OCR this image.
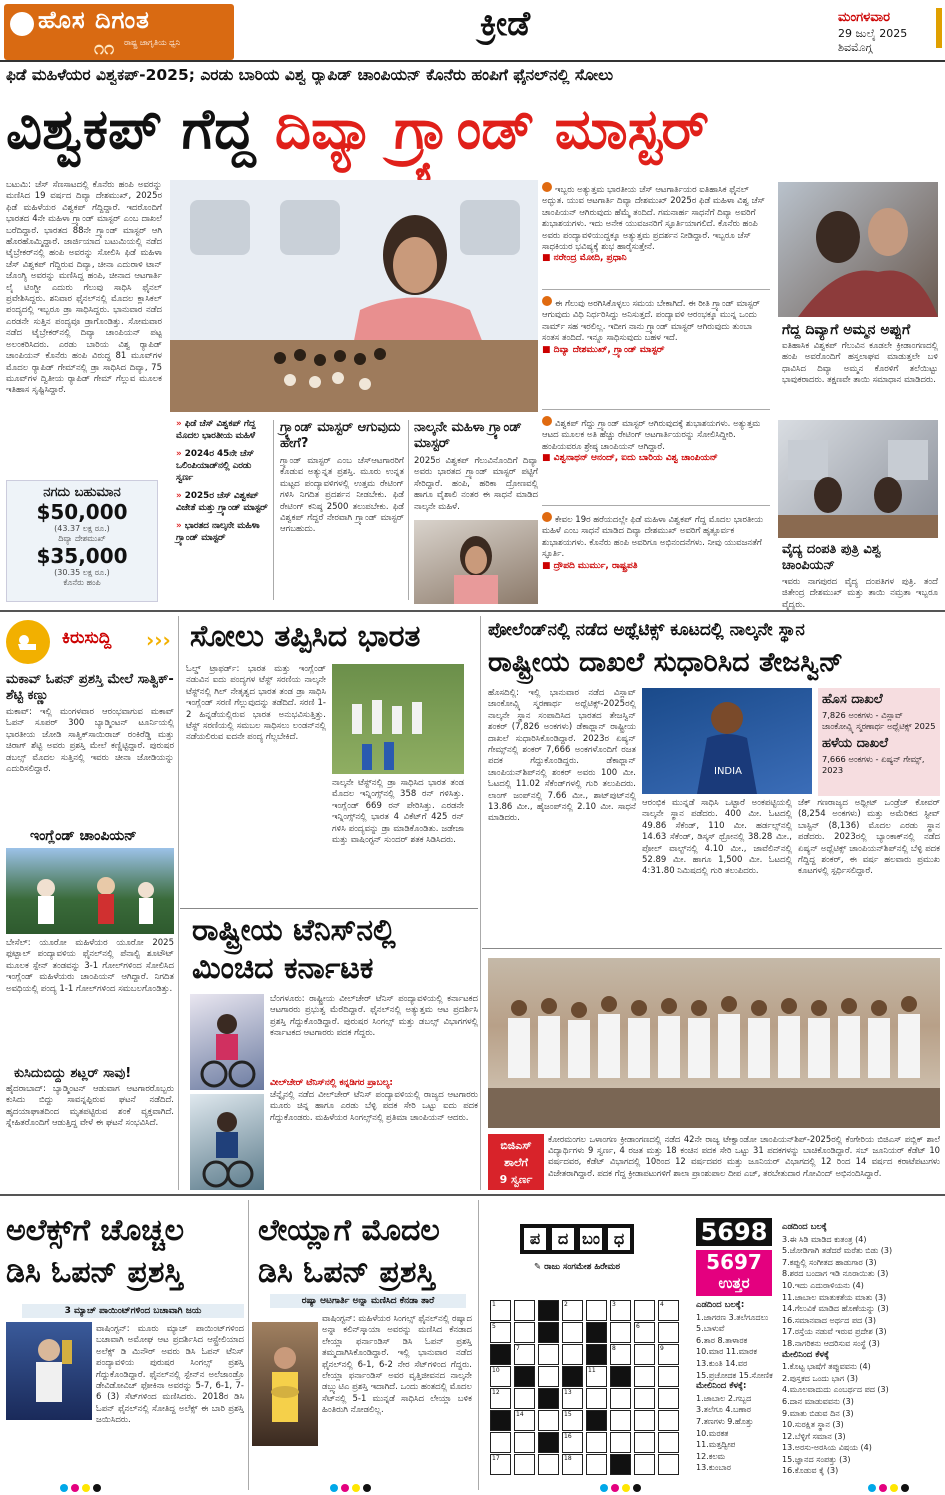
ಹೊಸ ದಿಗಂತ
೧೧ ರಾಷ್ಟ್ರ ಜಾಗೃತಿಯ ಧ್ವನಿ	ಕ್ರೀಡೆ	ಮಂಗಳವಾರ
29 ಜುಲೈ 2025
ಶಿವಮೊಗ್ಗ
ಫಿಡೆ ಮಹಿಳೆಯರ ವಿಶ್ವಕಪ್-2025; ಎರಡು ಬಾರಿಯ ವಿಶ್ವ ರ್‍ಯಾಪಿಡ್ ಚಾಂಪಿಯನ್ ಕೊನೆರು ಹಂಪಿಗೆ ಫೈನಲ್‌ನಲ್ಲಿ ಸೋಲು
ವಿಶ್ವಕಪ್ ಗೆದ್ದ ದಿವ್ಯಾ ಗ್ರ್ಯಾಂಡ್ ಮಾಸ್ಟರ್
ಬಟುಮಿ: ಚೆಸ್ ಸೆಣಸಾಟದಲ್ಲಿ ಕೊನೆರು ಹಂಪಿ ಅವರನ್ನು ಮಣಿಸಿದ 19 ವರ್ಷದ ದಿವ್ಯಾ ದೇಶಮುಖ್, 2025ರ ಫಿಡೆ ಮಹಿಳೆಯರ ವಿಶ್ವಕಪ್ ಗೆದ್ದಿದ್ದಾರೆ. ಇದರೊಂದಿಗೆ ಭಾರತದ 4ನೇ ಮಹಿಳಾ ಗ್ರ್ಯಾಂಡ್ ಮಾಸ್ಟರ್ ಎಂಬ ದಾಖಲೆ ಬರೆದಿದ್ದಾರೆ. ಭಾರತದ 88ನೇ ಗ್ರ್ಯಾಂಡ್ ಮಾಸ್ಟರ್ ಆಗಿ ಹೊರಹೊಮ್ಮಿದ್ದಾರೆ. ಜಾರ್ಜಿಯಾದ ಬಟುಮಿಯಲ್ಲಿ ನಡೆದ ಟೈಬ್ರೇಕರ್‌ನಲ್ಲಿ ಹಂಪಿ ಅವರನ್ನು ಸೋಲಿಸಿ ಫಿಡೆ ಮಹಿಳಾ ಚೆಸ್ ವಿಶ್ವಕಪ್ ಗೆದ್ದಿರುವ ದಿವ್ಯಾ, ಚೀನಾ ಎದುರಾಳಿ ಟಾನ್ ಜೊಂಗ್ಯಿ ಅವರನ್ನು ಮಣಿಸಿದ್ದ ಹಂಪಿ, ಚೀನಾದ ಆಟಗಾರ್ತಿ ಲೈ ಟಿಂಗ್ಜೀ ಎದುರು ಗೆಲುವು ಸಾಧಿಸಿ ಫೈನಲ್ ಪ್ರವೇಶಿಸಿದ್ದರು. ಶನಿವಾರ ಫೈನಲ್‌ನಲ್ಲಿ ಮೊದಲ ಕ್ಲಾಸಿಕಲ್ ಪಂದ್ಯದಲ್ಲಿ ಇಬ್ಬರೂ ಡ್ರಾ ಸಾಧಿಸಿದ್ದರು. ಭಾನುವಾರ ನಡೆದ ಎರಡನೇ ಸುತ್ತಿನ ಪಂದ್ಯವೂ ಡ್ರಾಗೊಂಡಿತ್ತು. ಸೋಮವಾರ ನಡೆದ ಟೈಬ್ರೇಕರ್‌ನಲ್ಲಿ ದಿವ್ಯಾ ಚಾಂಪಿಯನ್ ಪಟ್ಟ ಅಲಂಕರಿಸಿದರು. ಎರಡು ಬಾರಿಯ ವಿಶ್ವ ರ್‍ಯಾಪಿಡ್ ಚಾಂಪಿಯನ್ ಕೊನೆರು ಹಂಪಿ ವಿರುದ್ಧ 81 ಮೂವ್‌ಗಳ ಮೊದಲ ರ್‍ಯಾಪಿಡ್ ಗೇಮ್‌ನಲ್ಲಿ ಡ್ರಾ ಸಾಧಿಸಿದ ದಿವ್ಯಾ, 75 ಮೂವ್‌ಗಳ ದ್ವಿತೀಯ ರ್‍ಯಾಪಿಡ್ ಗೇಮ್ ಗೆಲ್ಲುವ ಮೂಲಕ ಇತಿಹಾಸ ಸೃಷ್ಟಿಸಿದ್ದಾರೆ.
ನಗದು ಬಹುಮಾನ
$50,000
(43.37 ಲಕ್ಷ ರೂ.)
ದಿವ್ಯಾ ದೇಶಮುಖ್
$35,000
(30.35 ಲಕ್ಷ ರೂ.)
ಕೊನೆರು ಹಂಪಿ
» ಫಿಡೆ ಚೆಸ್ ವಿಶ್ವಕಪ್ ಗೆದ್ದ ಮೊದಲ ಭಾರತೀಯ ಮಹಿಳೆ
» 2024ರ 45ನೇ ಚೆಸ್ ಒಲಿಂಪಿಯಾಡ್‌ನಲ್ಲಿ ಎರಡು ಸ್ವರ್ಣ
» 2025ರ ಚೆಸ್ ವಿಶ್ವಕಪ್ ವಿಜೇತೆ ಮತ್ತು ಗ್ರ್ಯಾಂಡ್ ಮಾಸ್ಟರ್
» ಭಾರತದ ನಾಲ್ಕನೇ ಮಹಿಳಾ ಗ್ರ್ಯಾಂಡ್ ಮಾಸ್ಟರ್
ಗ್ರ್ಯಾಂಡ್ ಮಾಸ್ಟರ್ ಆಗುವುದು ಹೇಗೆ?
ಗ್ರ್ಯಾಂಡ್ ಮಾಸ್ಟರ್ ಎಂಬ ಚೆಸ್‌ಆಟಗಾರರಿಗೆ ಕೊಡುವ ಅತ್ಯುನ್ನತ ಪ್ರಶಸ್ತಿ. ಮೂರು ಉನ್ನತ ಮಟ್ಟದ ಪಂದ್ಯಾವಳಿಗಳಲ್ಲಿ ಉತ್ತಮ ರೇಟಿಂಗ್ ಗಳಿಸಿ ನಿಗದಿತ ಪ್ರದರ್ಶನ ನೀಡಬೇಕು. ಫಿಡೆ ರೇಟಿಂಗ್ ಕನಿಷ್ಠ 2500 ತಲುಪಬೇಕು. ಫಿಡೆ ವಿಶ್ವಕಪ್ ಗೆದ್ದರೆ ನೇರವಾಗಿ ಗ್ರ್ಯಾಂಡ್ ಮಾಸ್ಟರ್ ಆಗಬಹುದು.
ನಾಲ್ಕನೇ ಮಹಿಳಾ ಗ್ರ್ಯಾಂಡ್ ಮಾಸ್ಟರ್
2025ರ ವಿಶ್ವಕಪ್ ಗೆಲುವಿನೊಂದಿಗೆ ದಿವ್ಯಾ ಅವರು ಭಾರತದ ಗ್ರ್ಯಾಂಡ್ ಮಾಸ್ಟರ್ ಪಟ್ಟಿಗೆ ಸೇರಿದ್ದಾರೆ. ಹಂಪಿ, ಹರಿಕಾ ದ್ರೋಣವಲ್ಲಿ ಹಾಗೂ ವೈಶಾಲಿ ನಂತರ ಈ ಸಾಧನೆ ಮಾಡಿದ ನಾಲ್ಕನೇ ಮಹಿಳೆ.
ಇಬ್ಬರು ಅತ್ಯುತ್ತಮ ಭಾರತೀಯ ಚೆಸ್ ಆಟಗಾರ್ತಿಯರ ಐತಿಹಾಸಿಕ ಫೈನಲ್ ಅದ್ಭುತ. ಯುವ ಆಟಗಾರ್ತಿ ದಿವ್ಯಾ ದೇಶಮುಖ್ 2025ರ ಫಿಡೆ ಮಹಿಳಾ ವಿಶ್ವ ಚೆಸ್ ಚಾಂಪಿಯನ್ ಆಗಿರುವುದು ಹೆಮ್ಮೆ ತಂದಿದೆ. ಗಮನಾರ್ಹ ಸಾಧನೆಗೆ ದಿವ್ಯಾ ಅವರಿಗೆ ಶುಭಾಶಯಗಳು. ಇದು ಅನೇಕ ಯುವಜನರಿಗೆ ಸ್ಫೂರ್ತಿಯಾಗಲಿದೆ. ಕೊನೆರು ಹಂಪಿ ಅವರು ಪಂದ್ಯಾವಳಿಯುದ್ದಕ್ಕೂ ಅತ್ಯುತ್ತಮ ಪ್ರದರ್ಶನ ನೀಡಿದ್ದಾರೆ. ಇಬ್ಬರೂ ಚೆಸ್ ಸಾಧಕಿಯರ ಭವಿಷ್ಯಕ್ಕೆ ಶುಭ ಹಾರೈಸುತ್ತೇನೆ.
■ ನರೇಂದ್ರ ಮೋದಿ, ಪ್ರಧಾನಿ
ಈ ಗೆಲುವು ಅರಗಿಸಿಕೊಳ್ಳಲು ಸಮಯ ಬೇಕಾಗಿದೆ. ಈ ರೀತಿ ಗ್ರ್ಯಾಂಡ್ ಮಾಸ್ಟರ್ ಆಗುವುದು ವಿಧಿ ನಿರ್ಧರಿಸಿದ್ದು ಅನಿಸುತ್ತದೆ. ಪಂದ್ಯಾವಳಿ ಆರಂಭಕ್ಕೂ ಮುನ್ನ ಒಂದು ನಾರ್ಮ್ ಸಹ ಇರಲಿಲ್ಲ. ಇದೀಗ ನಾನು ಗ್ರ್ಯಾಂಡ್ ಮಾಸ್ಟರ್ ಆಗಿರುವುದು ತುಂಬಾ ಸಂತಸ ತಂದಿದೆ. ಇನ್ನೂ ಸಾಧಿಸುವುದು ಬಹಳ ಇದೆ.
■ ದಿವ್ಯಾ ದೇಶಮುಖ್, ಗ್ರ್ಯಾಂಡ್ ಮಾಸ್ಟರ್
ವಿಶ್ವಕಪ್ ಗೆದ್ದು ಗ್ರ್ಯಾಂಡ್ ಮಾಸ್ಟರ್ ಆಗಿರುವುದಕ್ಕೆ ಶುಭಾಶಯಗಳು. ಅತ್ಯುತ್ತಮ ಆಟದ ಮೂಲಕ ಅತಿ ಹೆಚ್ಚು ರೇಟಿಂಗ್ ಆಟಗಾರ್ತಿಯರನ್ನು ಸೋಲಿಸಿದ್ದೀರಿ. ಹಂಪಿಯವರೂ ಶ್ರೇಷ್ಠ ಚಾಂಪಿಯನ್ ಆಗಿದ್ದಾರೆ.
■ ವಿಶ್ವನಾಥನ್ ಆನಂದ್, ಐದು ಬಾರಿಯ ವಿಶ್ವ ಚಾಂಪಿಯನ್
ಕೇವಲ 19ರ ಹರೆಯದಲ್ಲೇ ಫಿಡೆ ಮಹಿಳಾ ವಿಶ್ವಕಪ್ ಗೆದ್ದ ಮೊದಲ ಭಾರತೀಯ ಮಹಿಳೆ ಎಂಬ ಸಾಧನೆ ಮಾಡಿದ ದಿವ್ಯಾ ದೇಶಮುಖ್ ಅವರಿಗೆ ಹೃತ್ಪೂರ್ವಕ ಶುಭಾಶಯಗಳು. ಕೊನೆರು ಹಂಪಿ ಅವರಿಗೂ ಅಭಿನಂದನೆಗಳು. ನೀವು ಯುವಜನತೆಗೆ ಸ್ಫೂರ್ತಿ.
■ ದ್ರೌಪದಿ ಮುರ್ಮು, ರಾಷ್ಟ್ರಪತಿ
ಗೆದ್ದ ದಿವ್ಯಾಗೆ ಅಮ್ಮನ ಅಪ್ಪುಗೆ
ಐತಿಹಾಸಿಕ ವಿಶ್ವಕಪ್ ಗೆಲುವಿನ ಕೂಡಲೇ ಕ್ರೀಡಾಂಗಣದಲ್ಲಿ ಹಂಪಿ ಅವರೊಂದಿಗೆ ಹಸ್ತಲಾಘವ ಮಾಡುತ್ತಲೇ ಬಳಿ ಧಾವಿಸಿದ ದಿವ್ಯಾ ಅಮ್ಮನ ಕೊರಳಿಗೆ ತಲೆಯಿಟ್ಟು ಭಾವುಕರಾದರು. ತಕ್ಷಣವೇ ತಾಯಿ ಸಮಾಧಾನ ಮಾಡಿದರು.
ವೈದ್ಯ ದಂಪತಿ ಪುತ್ರಿ ವಿಶ್ವ ಚಾಂಪಿಯನ್
ಇವರು ನಾಗಪುರದ ವೈದ್ಯ ದಂಪತಿಗಳ ಪುತ್ರಿ. ತಂದೆ ಜಿತೇಂದ್ರ ದೇಶಮುಖ್ ಮತ್ತು ತಾಯಿ ನಮ್ರತಾ ಇಬ್ಬರೂ ವೈದ್ಯರು.
ಕಿರುಸುದ್ದಿ ›››
ಮಕಾವ್ ಓಪನ್ ಪ್ರಶಸ್ತಿ ಮೇಲೆ ಸಾತ್ವಿಕ್-ಶೆಟ್ಟಿ ಕಣ್ಣು
ಮಕಾವ್: ಇಲ್ಲಿ ಮಂಗಳವಾರ ಆರಂಭವಾಗುವ ಮಕಾವ್ ಓಪನ್ ಸೂಪರ್ 300 ಬ್ಯಾಡ್ಮಿಂಟನ್ ಟೂರ್ನಿಯಲ್ಲಿ ಭಾರತೀಯ ಜೋಡಿ ಸಾತ್ವಿಕ್‌ಸಾಯಿರಾಜ್ ರಂಕಿರೆಡ್ಡಿ ಮತ್ತು ಚಿರಾಗ್ ಶೆಟ್ಟಿ ಅವರು ಪ್ರಶಸ್ತಿ ಮೇಲೆ ಕಣ್ಣಿಟ್ಟಿದ್ದಾರೆ. ಪುರುಷರ ಡಬಲ್ಸ್ ಮೊದಲ ಸುತ್ತಿನಲ್ಲಿ ಇವರು ಚೀನಾ ಜೋಡಿಯನ್ನು ಎದುರಿಸಲಿದ್ದಾರೆ.
ಇಂಗ್ಲೆಂಡ್ ಚಾಂಪಿಯನ್
ಬೇಸೆಲ್: ಯೂರೋ ಮಹಿಳೆಯರ ಯೂರೋ 2025 ಫುಟ್ಬಾಲ್ ಪಂದ್ಯಾವಳಿಯ ಫೈನಲ್‌ನಲ್ಲಿ ಪೆನಾಲ್ಟಿ ಶೂಟೌಟ್ ಮೂಲಕ ಸ್ಪೇನ್ ತಂಡವನ್ನು 3-1 ಗೋಲ್‌ಗಳಿಂದ ಸೋಲಿಸಿದ ಇಂಗ್ಲೆಂಡ್ ಮಹಿಳೆಯರು ಚಾಂಪಿಯನ್ ಆಗಿದ್ದಾರೆ. ನಿಗದಿತ ಅವಧಿಯಲ್ಲಿ ಪಂದ್ಯ 1-1 ಗೋಲ್‌ಗಳಿಂದ ಸಮಬಲಗೊಂಡಿತ್ತು.
ಕುಸಿದುಬಿದ್ದು ಶಟ್ಲರ್ ಸಾವು!
ಹೈದರಾಬಾದ್: ಬ್ಯಾಡ್ಮಿಂಟನ್ ಆಡುವಾಗ ಆಟಗಾರರೊಬ್ಬರು ಕುಸಿದು ಬಿದ್ದು ಸಾವನ್ನಪ್ಪಿರುವ ಘಟನೆ ನಡೆದಿದೆ. ಹೃದಯಾಘಾತದಿಂದ ಮೃತಪಟ್ಟಿರುವ ಶಂಕೆ ವ್ಯಕ್ತವಾಗಿದೆ. ಸ್ನೇಹಿತರೊಂದಿಗೆ ಆಡುತ್ತಿದ್ದ ವೇಳೆ ಈ ಘಟನೆ ಸಂಭವಿಸಿದೆ.
ಸೋಲು ತಪ್ಪಿಸಿದ ಭಾರತ
ಓಲ್ಡ್ ಟ್ರಾಫರ್ಡ್: ಭಾರತ ಮತ್ತು ಇಂಗ್ಲೆಂಡ್ ನಡುವಿನ ಐದು ಪಂದ್ಯಗಳ ಟೆಸ್ಟ್ ಸರಣಿಯ ನಾಲ್ಕನೇ ಟೆಸ್ಟ್‌ನಲ್ಲಿ ಗಿಲ್ ನೇತೃತ್ವದ ಭಾರತ ತಂಡ ಡ್ರಾ ಸಾಧಿಸಿ ಇಂಗ್ಲೆಂಡ್ ಸರಣಿ ಗೆಲ್ಲುವುದನ್ನು ತಡೆದಿದೆ. ಸರಣಿ 1-2 ಹಿನ್ನಡೆಯಲ್ಲಿರುವ ಭಾರತ ಅನುಭವಿಸುತ್ತಿತ್ತು. ಟೆಸ್ಟ್ ಸರಣಿಯಲ್ಲಿ ಸಮಬಲ ಸಾಧಿಸಲು ಲಂಡನ್‌ನಲ್ಲಿ ನಡೆಯಲಿರುವ ಐದನೇ ಪಂದ್ಯ ಗೆಲ್ಲಬೇಕಿದೆ.
ನಾಲ್ಕನೇ ಟೆಸ್ಟ್‌ನಲ್ಲಿ ಡ್ರಾ ಸಾಧಿಸಿದ ಭಾರತ ತಂಡ ಮೊದಲ ಇನ್ನಿಂಗ್ಸ್‌ನಲ್ಲಿ 358 ರನ್ ಗಳಿಸಿತ್ತು. ಇಂಗ್ಲೆಂಡ್ 669 ರನ್ ಪೇರಿಸಿತ್ತು. ಎರಡನೇ ಇನ್ನಿಂಗ್ಸ್‌ನಲ್ಲಿ ಭಾರತ 4 ವಿಕೆಟ್‌ಗೆ 425 ರನ್ ಗಳಿಸಿ ಪಂದ್ಯವನ್ನು ಡ್ರಾ ಮಾಡಿಕೊಂಡಿತು. ಜಡೇಜಾ ಮತ್ತು ವಾಷಿಂಗ್ಟನ್ ಸುಂದರ್ ಶತಕ ಸಿಡಿಸಿದರು.
ರಾಷ್ಟ್ರೀಯ ಟೆನಿಸ್‌ನಲ್ಲಿ
ಮಿಂಚಿದ ಕರ್ನಾಟಕ
ಬೆಂಗಳೂರು: ರಾಷ್ಟ್ರೀಯ ವೀಲ್‌ಚೇರ್ ಟೆನಿಸ್ ಪಂದ್ಯಾವಳಿಯಲ್ಲಿ ಕರ್ನಾಟಕದ ಆಟಗಾರರು ಪ್ರಭುತ್ವ ಮೆರೆದಿದ್ದಾರೆ. ಫೈನಲ್‌ನಲ್ಲಿ ಅತ್ಯುತ್ತಮ ಆಟ ಪ್ರದರ್ಶಿಸಿ ಪ್ರಶಸ್ತಿ ಗೆದ್ದುಕೊಂಡಿದ್ದಾರೆ. ಪುರುಷರ ಸಿಂಗಲ್ಸ್ ಮತ್ತು ಡಬಲ್ಸ್ ವಿಭಾಗಗಳಲ್ಲಿ ಕರ್ನಾಟಕದ ಆಟಗಾರರು ಪದಕ ಗೆದ್ದರು.
ವೀಲ್‌ಚೇರ್ ಟೆನಿಸ್‌ನಲ್ಲಿ ಕನ್ನಡಿಗರ ಪ್ರಾಬಲ್ಯ:
ಚೆನ್ನೈನಲ್ಲಿ ನಡೆದ ವೀಲ್‌ಚೇರ್ ಟೆನಿಸ್ ಪಂದ್ಯಾವಳಿಯಲ್ಲಿ ರಾಜ್ಯದ ಆಟಗಾರರು ಮೂರು ಚಿನ್ನ ಹಾಗೂ ಎರಡು ಬೆಳ್ಳಿ ಪದಕ ಸೇರಿ ಒಟ್ಟು ಐದು ಪದಕ ಗೆದ್ದುಕೊಂಡರು. ಮಹಿಳೆಯರ ಸಿಂಗಲ್ಸ್‌ನಲ್ಲಿ ಪ್ರತಿಮಾ ಚಾಂಪಿಯನ್ ಆದರು.
ಪೋಲೆಂಡ್‌ನಲ್ಲಿ ನಡೆದ ಅಥ್ಲೆಟಿಕ್ಸ್ ಕೂಟದಲ್ಲಿ ನಾಲ್ಕನೇ ಸ್ಥಾನ
ರಾಷ್ಟ್ರೀಯ ದಾಖಲೆ ಸುಧಾರಿಸಿದ ತೇಜಸ್ವಿನ್
ಹೊಸದಿಲ್ಲಿ: ಇಲ್ಲಿ ಭಾನುವಾರ ನಡೆದ ವಿಸ್ಲಾವ್ ಜಾಂಕೋವ್ಸ್ಕಿ ಸ್ಮರಣಾರ್ಥ ಅಥ್ಲೆಟಿಕ್ಸ್-2025ರಲ್ಲಿ ನಾಲ್ಕನೇ ಸ್ಥಾನ ಸಂಪಾದಿಸಿದ ಭಾರತದ ತೇಜಸ್ವಿನ್ ಶಂಕರ್ (7,826 ಅಂಕಗಳು) ಡೆಕಾಥ್ಲಾನ್ ರಾಷ್ಟ್ರೀಯ ದಾಖಲೆ ಸುಧಾರಿಸಿಕೊಂಡಿದ್ದಾರೆ. 2023ರ ಏಷ್ಯನ್ ಗೇಮ್ಸ್‌ನಲ್ಲಿ ಶಂಕರ್ 7,666 ಅಂಕಗಳೊಂದಿಗೆ ರಜತ ಪದಕ ಗೆದ್ದುಕೊಂಡಿದ್ದರು. ಡೆಕಾಥ್ಲಾನ್ ಚಾಂಪಿಯನ್‌ಶಿಪ್‌ನಲ್ಲಿ ಶಂಕರ್ ಅವರು 100 ಮೀ. ಓಟದಲ್ಲಿ 11.02 ಸೆಕೆಂಡ್‌ಗಳಲ್ಲಿ ಗುರಿ ತಲುಪಿದರು. ಲಾಂಗ್ ಜಂಪ್‌ನಲ್ಲಿ 7.66 ಮೀ., ಶಾಟ್‌ಪುಟ್‌ನಲ್ಲಿ 13.86 ಮೀ., ಹೈಜಂಪ್‌ನಲ್ಲಿ 2.10 ಮೀ. ಸಾಧನೆ ಮಾಡಿದರು.
INDIA
ಹೊಸ ದಾಖಲೆ
7,826 ಅಂಕಗಳು - ವಿಸ್ಲಾವ್ ಜಾಂಕೋವ್ಸ್ಕಿ ಸ್ಮರಣಾರ್ಥ ಅಥ್ಲೆಟಿಕ್ಸ್ 2025
ಹಳೆಯ ದಾಖಲೆ
7,666 ಅಂಕಗಳು - ಏಷ್ಯನ್ ಗೇಮ್ಸ್, 2023
ಆರಂಭಿಕ ಮುನ್ನಡೆ ಸಾಧಿಸಿ ಒಟ್ಟಾರೆ ಅಂಕಪಟ್ಟಿಯಲ್ಲಿ ನಾಲ್ಕನೇ ಸ್ಥಾನ ಪಡೆದರು. 400 ಮೀ. ಓಟದಲ್ಲಿ 49.86 ಸೆಕೆಂಡ್, 110 ಮೀ. ಹರ್ಡಲ್ಸ್‌ನಲ್ಲಿ 14.63 ಸೆಕೆಂಡ್, ಡಿಸ್ಕಸ್ ಥ್ರೋನಲ್ಲಿ 38.28 ಮೀ., ಪೋಲ್ ವಾಲ್ಟ್‌ನಲ್ಲಿ 4.10 ಮೀ., ಜಾವೆಲಿನ್‌ನಲ್ಲಿ 52.89 ಮೀ. ಹಾಗೂ 1,500 ಮೀ. ಓಟದಲ್ಲಿ 4:31.80 ನಿಮಿಷದಲ್ಲಿ ಗುರಿ ತಲುಪಿದರು.
ಜೆಕ್ ಗಣರಾಜ್ಯದ ಅಥ್ಲೀಟ್ ಒಂಡ್ರೆಜ್ ಕೋವರ್ (8,254 ಅಂಕಗಳು) ಮತ್ತು ಅಮೆರಿಕದ ಸ್ಟೀವ್ ಬಾಸ್ಟಿನ್ (8,136) ಮೊದಲ ಎರಡು ಸ್ಥಾನ ಪಡೆದರು. 2023ರಲ್ಲಿ ಬ್ಯಾಂಕಾಕ್‌ನಲ್ಲಿ ನಡೆದ ಏಷ್ಯನ್ ಅಥ್ಲೆಟಿಕ್ಸ್ ಚಾಂಪಿಯನ್‌ಶಿಪ್‌ನಲ್ಲಿ ಬೆಳ್ಳಿ ಪದಕ ಗೆದ್ದಿದ್ದ ಶಂಕರ್, ಈ ವರ್ಷ ಹಲವಾರು ಪ್ರಮುಖ ಕೂಟಗಳಲ್ಲಿ ಸ್ಪರ್ಧಿಸಲಿದ್ದಾರೆ.
ಬಿಜಿಎಸ್
ಶಾಲೆಗೆ
9 ಸ್ವರ್ಣ
ಕೋರಮಂಗಲ ಒಳಾಂಗಣ ಕ್ರೀಡಾಂಗಣದಲ್ಲಿ ನಡೆದ 42ನೇ ರಾಜ್ಯ ಟೇಕ್ವಾಂಡೋ ಚಾಂಪಿಯನ್‌ಶಿಪ್-2025ರಲ್ಲಿ ಕೆಂಗೇರಿಯ ಬಿಜಿಎಸ್ ಪಬ್ಲಿಕ್ ಶಾಲೆ ವಿದ್ಯಾರ್ಥಿಗಳು 9 ಸ್ವರ್ಣ, 4 ರಜತ ಮತ್ತು 18 ಕಂಚಿನ ಪದಕ ಸೇರಿ ಒಟ್ಟು 31 ಪದಕಗಳನ್ನು ಬಾಚಿಕೊಂಡಿದ್ದಾರೆ. ಸಬ್ ಜೂನಿಯರ್ ಕೆಡೆಟ್ 10 ವರ್ಷದವರ, ಕೆಡೆಟ್ ವಿಭಾಗದಲ್ಲಿ 10ರಿಂದ 12 ವರ್ಷದವರ ಮತ್ತು ಜೂನಿಯರ್ ವಿಭಾಗದಲ್ಲಿ 12 ರಿಂದ 14 ವರ್ಷದ ಕರಾಟೆಪಟುಗಳು ವಿಜೇತರಾಗಿದ್ದಾರೆ. ಪದಕ ಗೆದ್ದ ಕ್ರೀಡಾಪಟುಗಳಿಗೆ ಶಾಲಾ ಪ್ರಾಂಶುಪಾಲ ದೀಪ ಎಚ್, ತರಬೇತುದಾರ ಗೋವಿಂದ್ ಅಭಿನಂದಿಸಿದ್ದಾರೆ.
ಅಲೆಕ್ಸ್‌ಗೆ ಚೊಚ್ಚಲ
ಡಿಸಿ ಓಪನ್ ಪ್ರಶಸ್ತಿ
3 ಮ್ಯಾಚ್ ಪಾಯಿಂಟ್‌ಗಳಿಂದ ಬಚಾವಾಗಿ ಜಯ
ವಾಷಿಂಗ್ಟನ್: ಮೂರು ಮ್ಯಾಚ್ ಪಾಯಿಂಟ್‌ಗಳಿಂದ ಬಚಾವಾಗಿ ಅಮೋಘ ಆಟ ಪ್ರದರ್ಶಿಸಿದ ಆಸ್ಟ್ರೇಲಿಯಾದ ಅಲೆಕ್ಸ್ ಡಿ ಮಿನೌರ್ ಅವರು ಡಿಸಿ ಓಪನ್ ಟೆನಿಸ್ ಪಂದ್ಯಾವಳಿಯ ಪುರುಷರ ಸಿಂಗಲ್ಸ್ ಪ್ರಶಸ್ತಿ ಗೆದ್ದುಕೊಂಡಿದ್ದಾರೆ. ಫೈನಲ್‌ನಲ್ಲಿ ಸ್ಪೇನ್‌ನ ಅಲೆಜಾಂಡ್ರೊ ಡೇವಿಡೋವಿಚ್ ಫೋಕಿನಾ ಅವರನ್ನು 5-7, 6-1, 7-6 (3) ಸೆಟ್‌ಗಳಿಂದ ಮಣಿಸಿದರು. 2018ರ ಡಿಸಿ ಓಪನ್ ಫೈನಲ್‌ನಲ್ಲಿ ಸೋತಿದ್ದ ಅಲೆಕ್ಸ್ ಈ ಬಾರಿ ಪ್ರಶಸ್ತಿ ಜಯಿಸಿದರು.
ಲೇಯ್ಲಾಗೆ ಮೊದಲ
ಡಿಸಿ ಓಪನ್ ಪ್ರಶಸ್ತಿ
ರಷ್ಯಾ ಆಟಗಾರ್ತಿ ಅನ್ನಾ ಮಣಿಸಿದ ಕೆನಡಾ ತಾರೆ
ವಾಷಿಂಗ್ಟನ್: ಮಹಿಳೆಯರ ಸಿಂಗಲ್ಸ್ ಫೈನಲ್‌ನಲ್ಲಿ ರಷ್ಯಾದ ಅನ್ನಾ ಕಲಿನ್‌ಸ್ಕಾಯಾ ಅವರನ್ನು ಮಣಿಸಿದ ಕೆನಡಾದ ಲೇಯ್ಲಾ ಫರ್ನಾಂಡಿಸ್ ಡಿಸಿ ಓಪನ್ ಪ್ರಶಸ್ತಿ ತಮ್ಮದಾಗಿಸಿಕೊಂಡಿದ್ದಾರೆ. ಇಲ್ಲಿ ಭಾನುವಾರ ನಡೆದ ಫೈನಲ್‌ನಲ್ಲಿ 6-1, 6-2 ನೇರ ಸೆಟ್‌ಗಳಿಂದ ಗೆದ್ದರು. ಲೇಯ್ಲಾ ಫರ್ನಾಂಡಿಸ್ ಅವರ ವೃತ್ತಿಜೀವನದ ನಾಲ್ಕನೇ ಡಬ್ಲ್ಯುಟಿಎ ಪ್ರಶಸ್ತಿ ಇದಾಗಿದೆ. ಒಂದು ಹಂತದಲ್ಲಿ ಮೊದಲ ಸೆಟ್‌ನಲ್ಲಿ 5-1 ಮುನ್ನಡೆ ಸಾಧಿಸಿದ ಲೇಯ್ಲಾ ಬಳಿಕ ಹಿಂತಿರುಗಿ ನೋಡಲಿಲ್ಲ.
ಪ	ದ ಬಂ ಧ
✎ ರಾಜು ಸಂಗಮೇಶ ಹಿರೇಮಠ
1	2	3	4
5	6
7	8	9
10	11
12	13
14	15
16
17	18
5698
5697
ಉತ್ತರ
ಎಡದಿಂದ ಬಲಕ್ಕೆ:
1.ಜಾಗರಣ 3.ತಲೆಗೂದಲು
5.ಬಾಳುವೆ
6.ತಾರ 8.ತಾಳಾರಕ
10.ಮಾರ 11.ಮಾರಕ
13.ಕುಂತಿ 14.ವರ
15.ಪ್ರಚೋದಕ 15.ಸೋಣಿಕ
ಮೇಲಿನಿಂದ ಕೆಳಕ್ಕೆ:
1.ಜಾಬಾಲ 2.ಗಬ್ಬದ
3.ತಲೆಗೂ 4.ಬಣಾರ
7.ತಣಗಳು 9.ಹೊತ್ತು
10.ಮರಕತ
11.ಮತ್ತದ್ವೀಪ
12.ಕಲಮ
13.ಕುಂಬಾರ
ಎಡದಿಂದ ಬಲಕ್ಕೆ
3.ಈ ಸಿಡಿ ಮಾಡಿದ ಕುತಂತ್ರ (4)
5.ಜೋಡಿಗಾಗಿ ತಡೆದರೆ ಮರೆತು ಬಿಡು (3)
7.ಕಪ್ಪುಲ್ಲಿ ಸಂಗೀತದ ಹಾಡುಗಾರ (3)
8.ಶರದ ಬಂದಾಗ ಇಡಿ ನೂರಾಯಿತು (3)
10.ಇದು ಎದುರಾಳಿಯನು (4)
11.ಜಾಬಾಲ ಮಾತುಕತೆಯ ಮಾತು (3)
14.ಗೆಲುವಿಕೆ ಮಾಡಿದ ಹೊಣೆಯನ್ನು (3)
16.ಸಮಾನವಾದ ಅರ್ಥದ ಪದ (3)
17.ರಸ್ತೆಯ ನಡುವೆ ಇರುವ ಪ್ರದೇಶ (3)
18.ನಾಗರಿಕನು ಆದರಿಸುವ ಸಂಸ್ಥೆ (3)
ಮೇಲಿನಿಂದ ಕೆಳಕ್ಕೆ
1.ಕೊಟ್ಟ ಭಾಷೆಗೆ ತಪ್ಪುವವನು (4)
2.ಪುಸ್ತಕದ ಒಂದು ಭಾಗ (3)
4.ಮೂಲವಾದುದು ಎಂಬರ್ಥದ ಪದ (3)
6.ದಾನ ಮಾಡುವವನು (3)
9.ಮಾತು ಬಿಡುವ ದಿನ (3)
10.ಸುರಕ್ಷಿತ ಸ್ಥಾನ (3)
12.ಬೆಳ್ಳಿಗೆ ಸಮಾನ (3)
13.ಅರಸು-ಅರಸಿಯ ವಿಷಯ (4)
15.ಜ್ಞಾನದ ಸಂಪತ್ತು (3)
16.ಕೊಡುವ ಕೈ (3)
